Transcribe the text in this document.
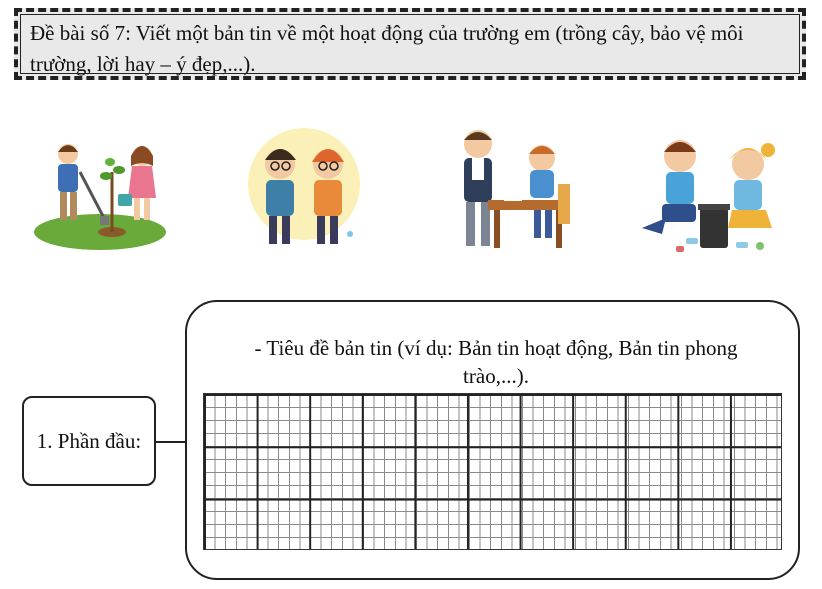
Đề bài số 7: Viết một bản tin về một hoạt động của trường em (trồng cây, bảo vệ môi trường, lời hay – ý đẹp,...).
1. Phần đầu:
- Tiêu đề bản tin (ví dụ: Bản tin hoạt động, Bản tin phong trào,...).
